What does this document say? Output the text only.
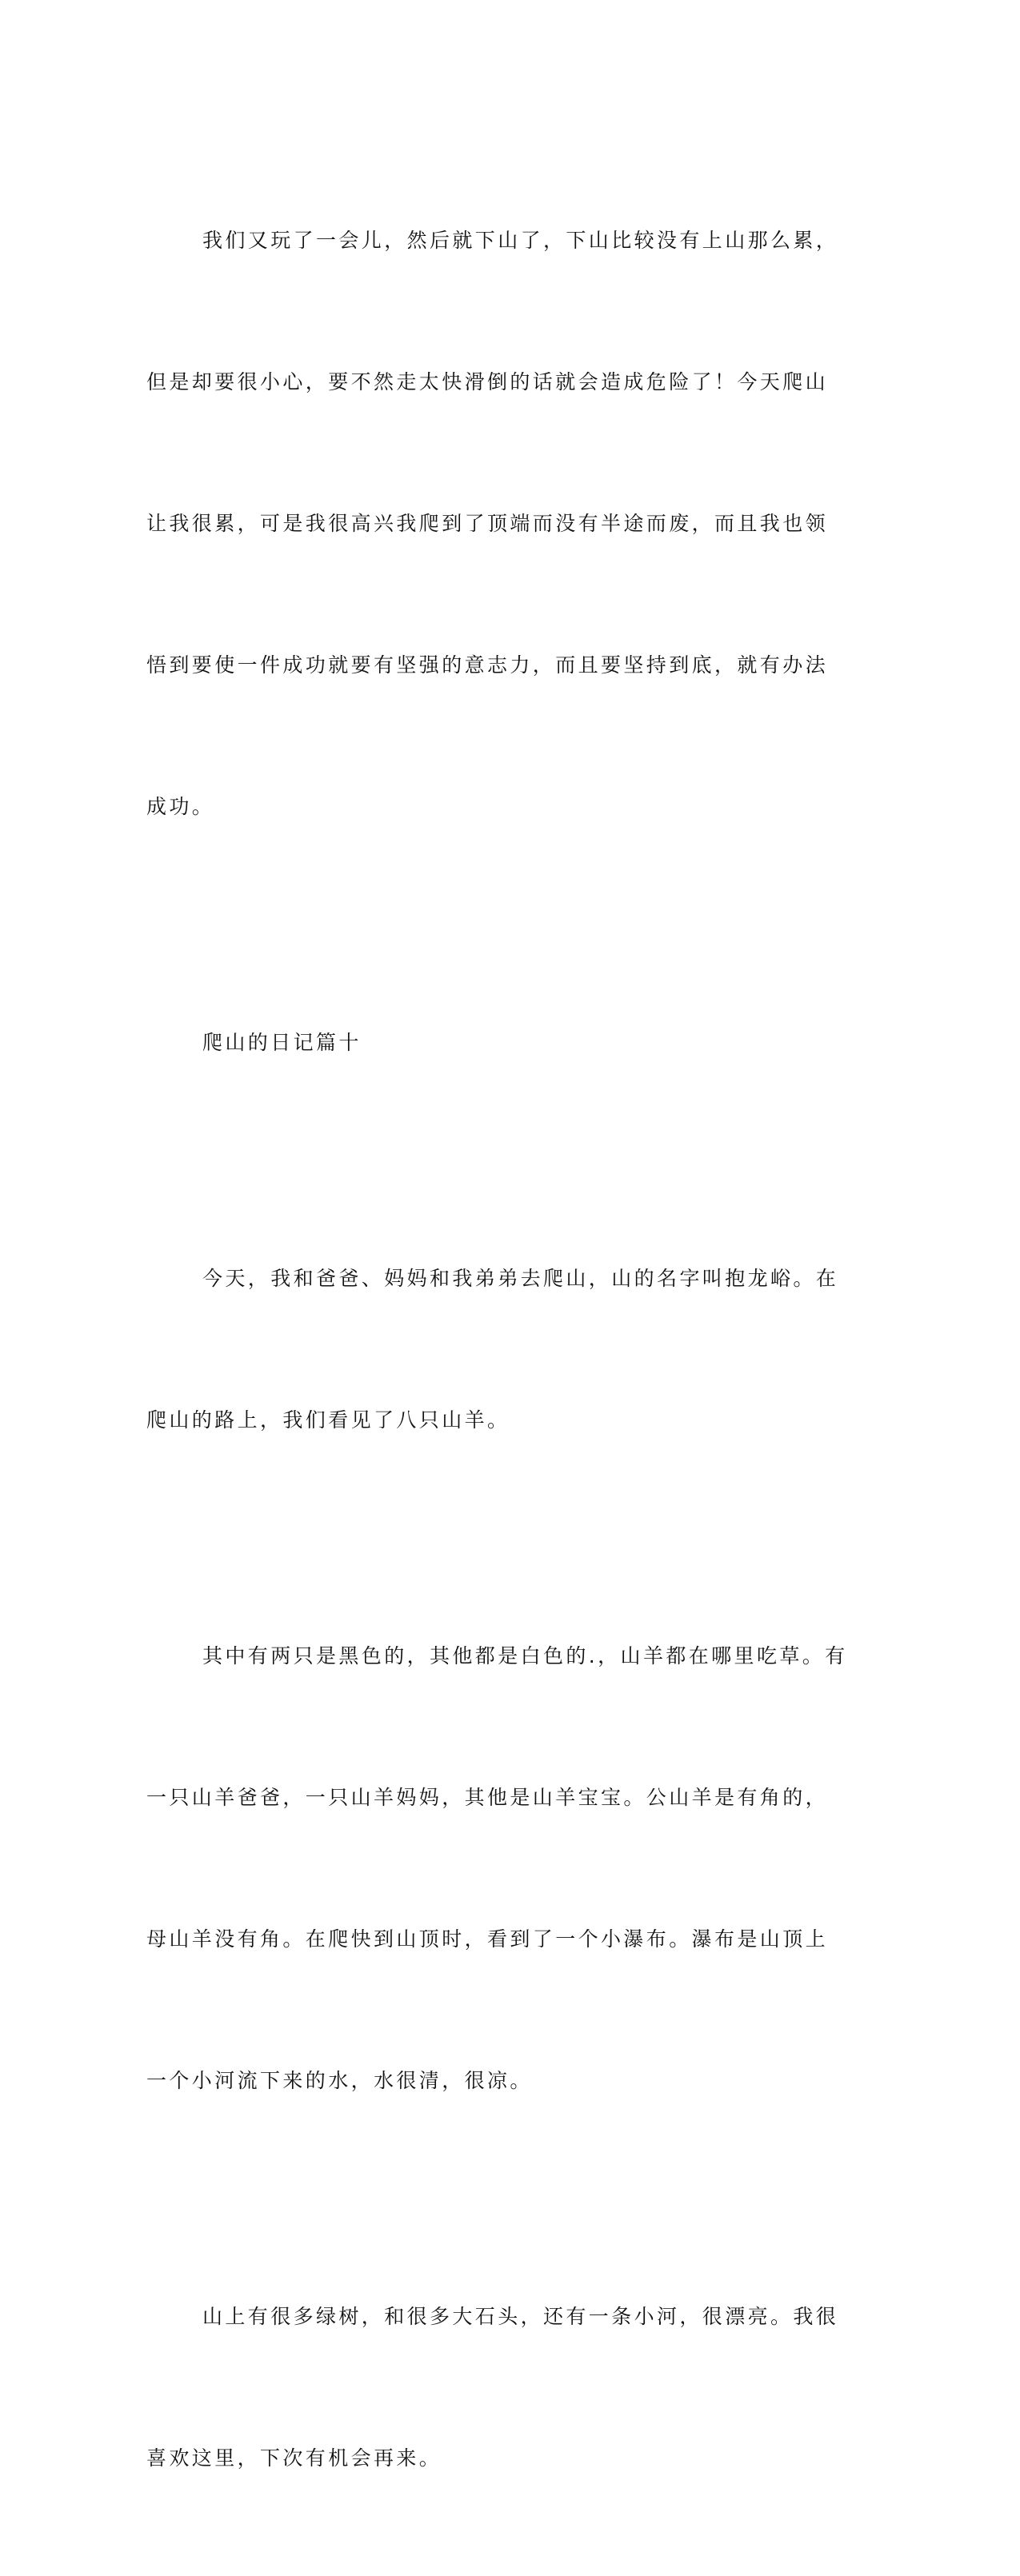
我们又玩了一会儿，然后就下山了，下山比较没有上山那么累，

但是却要很小心，要不然走太快滑倒的话就会造成危险了！今天爬山

让我很累，可是我很高兴我爬到了顶端而没有半途而废，而且我也领

悟到要使一件成功就要有坚强的意志力，而且要坚持到底，就有办法

成功。

爬山的日记篇十

今天，我和爸爸、妈妈和我弟弟去爬山，山的名字叫抱龙峪。在

爬山的路上，我们看见了八只山羊。

其中有两只是黑色的，其他都是白色的.，山羊都在哪里吃草。有

一只山羊爸爸，一只山羊妈妈，其他是山羊宝宝。公山羊是有角的，

母山羊没有角。在爬快到山顶时，看到了一个小瀑布。瀑布是山顶上

一个小河流下来的水，水很清，很凉。

山上有很多绿树，和很多大石头，还有一条小河，很漂亮。我很

喜欢这里，下次有机会再来。
